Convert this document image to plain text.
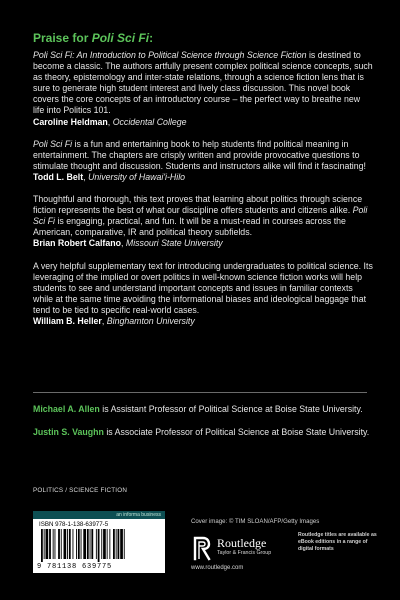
Praise for Poli Sci Fi:
Poli Sci Fi: An Introduction to Political Science through Science Fiction is destined to become a classic. The authors artfully present complex political science concepts, such as theory, epistemology and inter-state relations, through a science fiction lens that is sure to generate high student interest and lively class discussion. This novel book covers the core concepts of an introductory course – the perfect way to breathe new life into Politics 101.
Caroline Heldman, Occidental College
Poli Sci Fi is a fun and entertaining book to help students find political meaning in entertainment. The chapters are crisply written and provide provocative questions to stimulate thought and discussion. Students and instructors alike will find it fascinating!
Todd L. Belt, University of Hawai'i-Hilo
Thoughtful and thorough, this text proves that learning about politics through science fiction represents the best of what our discipline offers students and citizens alike. Poli Sci Fi is engaging, practical, and fun. It will be a must-read in courses across the American, comparative, IR and political theory subfields.
Brian Robert Calfano, Missouri State University
A very helpful supplementary text for introducing undergraduates to political science. Its leveraging of the implied or overt politics in well-known science fiction works will help students to see and understand important concepts and issues in familiar contexts while at the same time avoiding the informational biases and ideological baggage that tend to be tied to specific real-world cases.
William B. Heller, Binghamton University
Michael A. Allen is Assistant Professor of Political Science at Boise State University.
Justin S. Vaughn is Associate Professor of Political Science at Boise State University.
POLITICS / SCIENCE FICTION
an informa business
ISBN 978-1-138-63977-5
9 781138 639775
Cover image: © TIM SLOAN/AFP/Getty Images
Routledge
Taylor & Francis Group
www.routledge.com
Routledge titles are available as eBook editions in a range of digital formats
